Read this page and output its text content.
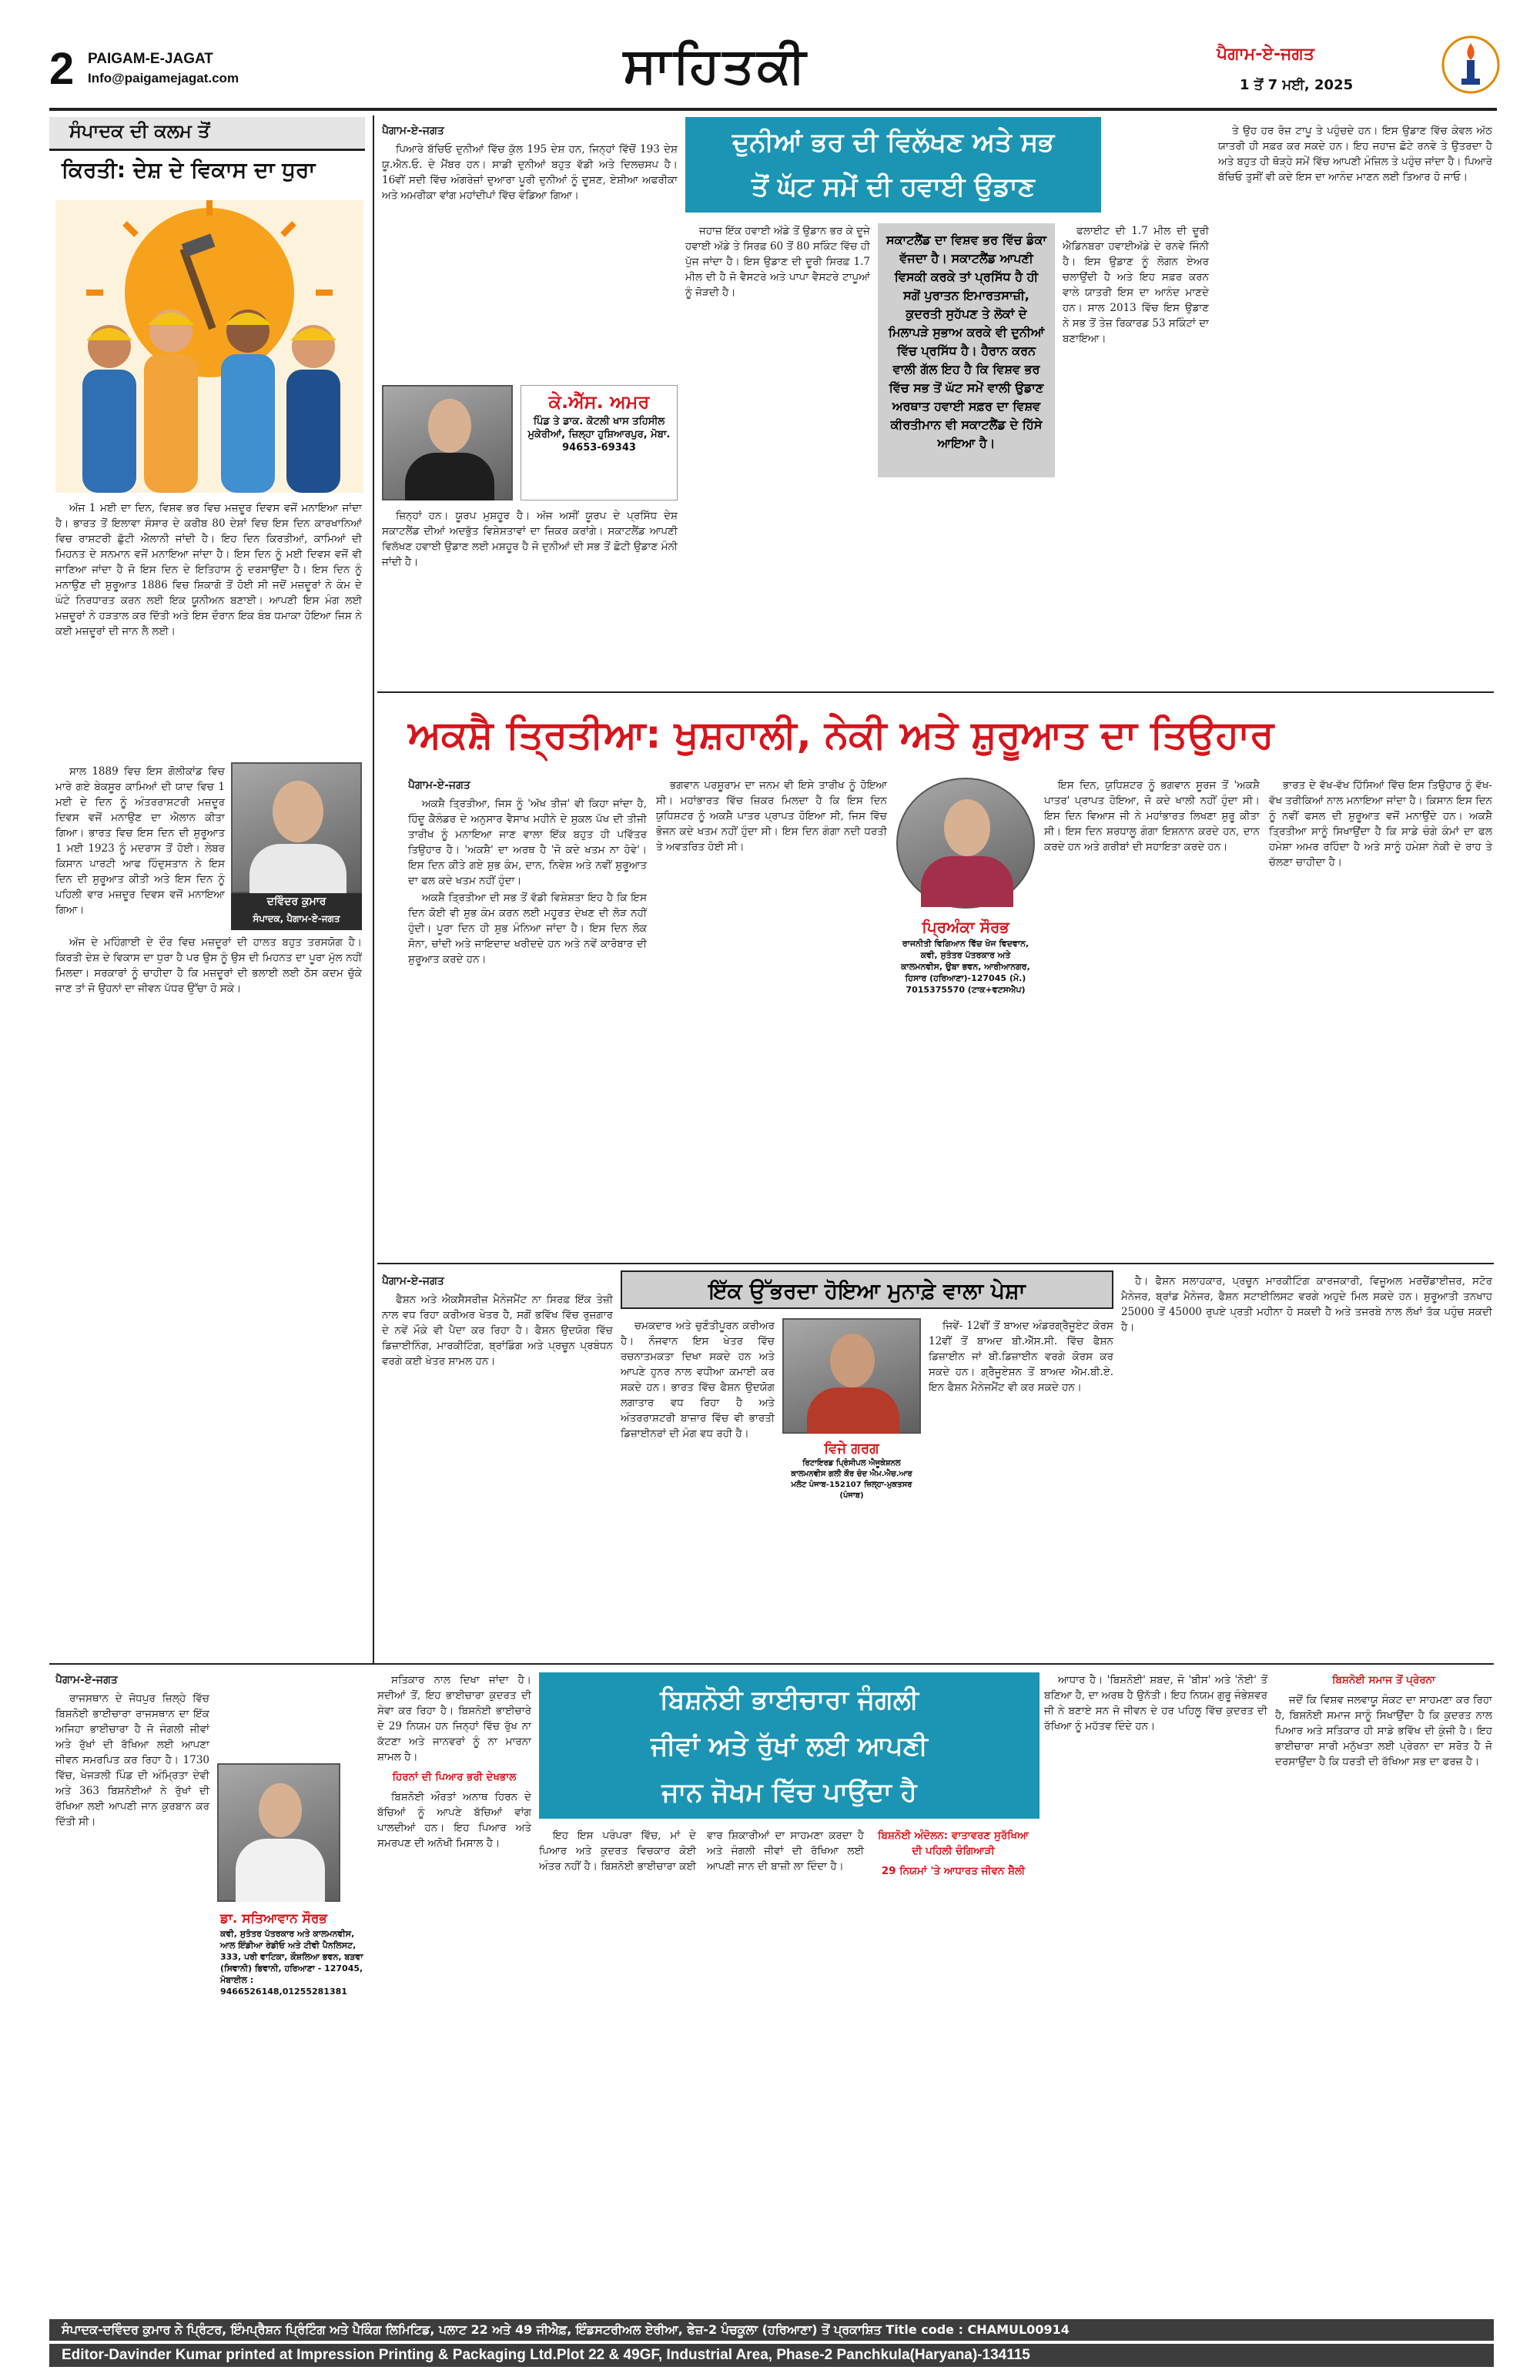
2 PAIGAM-E-JAGAT
Info@paigamejagat.com	ਸਾਹਿਤਕੀ	ਪੈਗਾਮ-ਏ-ਜਗਤ
1 ਤੋਂ 7 ਮਈ, 2025
ਸੰਪਾਦਕ ਦੀ ਕਲਮ ਤੋਂ
ਕਿਰਤੀ: ਦੇਸ਼ ਦੇ ਵਿਕਾਸ ਦਾ ਧੁਰਾ

ਅੱਜ 1 ਮਈ ਦਾ ਦਿਨ, ਵਿਸ਼ਵ ਭਰ ਵਿਚ ਮਜ਼ਦੂਰ ਦਿਵਸ ਵਜੋਂ ਮਨਾਇਆ ਜਾਂਦਾ ਹੈ। ਭਾਰਤ ਤੋਂ ਇਲਾਵਾ ਸੰਸਾਰ ਦੇ ਕਰੀਬ 80 ਦੇਸ਼ਾਂ ਵਿਚ ਇਸ ਦਿਨ ਕਾਰਖਾਨਿਆਂ ਵਿਚ ਰਾਸ਼ਟਰੀ ਛੁੱਟੀ ਐਲਾਨੀ ਜਾਂਦੀ ਹੈ। ਇਹ ਦਿਨ ਕਿਰਤੀਆਂ, ਕਾਮਿਆਂ ਦੀ ਮਿਹਨਤ ਦੇ ਸਨਮਾਨ ਵਜੋਂ ਮਨਾਇਆ ਜਾਂਦਾ ਹੈ। ਇਸ ਦਿਨ ਨੂੰ ਮਈ ਦਿਵਸ ਵਜੋਂ ਵੀ ਜਾਣਿਆ ਜਾਂਦਾ ਹੈ ਜੋ ਇਸ ਦਿਨ ਦੇ ਇਤਿਹਾਸ ਨੂੰ ਦਰਸਾਉਂਦਾ ਹੈ। ਇਸ ਦਿਨ ਨੂੰ ਮਨਾਉਣ ਦੀ ਸ਼ੁਰੂਆਤ 1886 ਵਿਚ ਸ਼ਿਕਾਗੋ ਤੋਂ ਹੋਈ ਸੀ ਜਦੋਂ ਮਜ਼ਦੂਰਾਂ ਨੇ ਕੰਮ ਦੇ ਘੰਟੇ ਨਿਰਧਾਰਤ ਕਰਨ ਲਈ ਇਕ ਯੂਨੀਅਨ ਬਣਾਈ। ਆਪਣੀ ਇਸ ਮੰਗ ਲਈ ਮਜ਼ਦੂਰਾਂ ਨੇ ਹੜਤਾਲ ਕਰ ਦਿੱਤੀ ਅਤੇ ਇਸ ਦੌਰਾਨ ਇਕ ਬੰਬ ਧਮਾਕਾ ਹੋਇਆ ਜਿਸ ਨੇ ਕਈ ਮਜ਼ਦੂਰਾਂ ਦੀ ਜਾਨ ਲੈ ਲਈ।

ਦਵਿੰਦਰ ਕੁਮਾਰ
ਸੰਪਾਦਕ, ਪੈਗਾਮ-ਏ-ਜਗਤ

ਸਾਲ 1889 ਵਿਚ ਇਸ ਗੋਲੀਕਾਂਡ ਵਿਚ ਮਾਰੇ ਗਏ ਬੇਕਸੂਰ ਕਾਮਿਆਂ ਦੀ ਯਾਦ ਵਿਚ 1 ਮਈ ਦੇ ਦਿਨ ਨੂੰ ਅੰਤਰਰਾਸ਼ਟਰੀ ਮਜ਼ਦੂਰ ਦਿਵਸ ਵਜੋਂ ਮਨਾਉਣ ਦਾ ਐਲਾਨ ਕੀਤਾ ਗਿਆ। ਭਾਰਤ ਵਿਚ ਇਸ ਦਿਨ ਦੀ ਸ਼ੁਰੂਆਤ 1 ਮਈ 1923 ਨੂੰ ਮਦਰਾਸ ਤੋਂ ਹੋਈ। ਲੇਬਰ ਕਿਸਾਨ ਪਾਰਟੀ ਆਫ ਹਿੰਦੁਸਤਾਨ ਨੇ ਇਸ ਦਿਨ ਦੀ ਸ਼ੁਰੂਆਤ ਕੀਤੀ ਅਤੇ ਇਸ ਦਿਨ ਨੂੰ ਪਹਿਲੀ ਵਾਰ ਮਜ਼ਦੂਰ ਦਿਵਸ ਵਜੋਂ ਮਨਾਇਆ ਗਿਆ।

ਅੱਜ ਦੇ ਮਹਿੰਗਾਈ ਦੇ ਦੌਰ ਵਿਚ ਮਜ਼ਦੂਰਾਂ ਦੀ ਹਾਲਤ ਬਹੁਤ ਤਰਸਯੋਗ ਹੈ। ਕਿਰਤੀ ਦੇਸ਼ ਦੇ ਵਿਕਾਸ ਦਾ ਧੁਰਾ ਹੈ ਪਰ ਉਸ ਨੂੰ ਉਸ ਦੀ ਮਿਹਨਤ ਦਾ ਪੂਰਾ ਮੁੱਲ ਨਹੀਂ ਮਿਲਦਾ। ਸਰਕਾਰਾਂ ਨੂੰ ਚਾਹੀਦਾ ਹੈ ਕਿ ਮਜ਼ਦੂਰਾਂ ਦੀ ਭਲਾਈ ਲਈ ਠੋਸ ਕਦਮ ਚੁੱਕੇ ਜਾਣ ਤਾਂ ਜੋ ਉਹਨਾਂ ਦਾ ਜੀਵਨ ਪੱਧਰ ਉੱਚਾ ਹੋ ਸਕੇ।

ਪੈਗਾਮ-ਏ-ਜਗਤ

ਪਿਆਰੇ ਬੱਚਿਓ ਦੁਨੀਆਂ ਵਿੱਚ ਕੁੱਲ 195 ਦੇਸ਼ ਹਨ, ਜਿਨ੍ਹਾਂ ਵਿੱਚੋਂ 193 ਦੇਸ਼ ਯੂ.ਐਨ.ਓ. ਦੇ ਮੈਂਬਰ ਹਨ। ਸਾਡੀ ਦੁਨੀਆਂ ਬਹੁਤ ਵੱਡੀ ਅਤੇ ਦਿਲਚਸਪ ਹੈ। 16ਵੀਂ ਸਦੀ ਵਿੱਚ ਅੰਗਰੇਜ਼ਾਂ ਦੁਆਰਾ ਪੂਰੀ ਦੁਨੀਆਂ ਨੂੰ ਦੂਸ਼ਣ, ਏਸ਼ੀਆ ਅਫਰੀਕਾ ਅਤੇ ਅਮਰੀਕਾ ਵਾਂਗ ਮਹਾਂਦੀਪਾਂ ਵਿੱਚ ਵੰਡਿਆ ਗਿਆ।

ਕੇ.ਐੱਸ. ਅਮਰ
ਪਿੰਡ ਤੇ ਡਾਕ. ਕੋਟਲੀ ਖਾਸ ਤਹਿਸੀਲ ਮੁਕੇਰੀਆਂ, ਜ਼ਿਲ੍ਹਾ ਹੁਸ਼ਿਆਰਪੁਰ, ਮੋਬਾ. 94653-69343

ਜ਼ਿਨ੍ਹਾਂ ਹਨ। ਯੂਰਪ ਮੁਸ਼ਹੂਰ ਹੈ। ਅੱਜ ਅਸੀਂ ਯੂਰਪ ਦੇ ਪ੍ਰਸਿੱਧ ਦੇਸ਼ ਸਕਾਟਲੈਂਡ ਦੀਆਂ ਅਦਭੁੱਤ ਵਿਸ਼ੇਸ਼ਤਾਵਾਂ ਦਾ ਜ਼ਿਕਰ ਕਰਾਂਗੇ। ਸਕਾਟਲੈਂਡ ਆਪਣੀ ਵਿਲੱਖਣ ਹਵਾਈ ਉਡਾਣ ਲਈ ਮਸ਼ਹੂਰ ਹੈ ਜੋ ਦੁਨੀਆਂ ਦੀ ਸਭ ਤੋਂ ਛੋਟੀ ਉਡਾਣ ਮੰਨੀ ਜਾਂਦੀ ਹੈ।

ਦੁਨੀਆਂ ਭਰ ਦੀ ਵਿਲੱਖਣ ਅਤੇ ਸਭ
ਤੋਂ ਘੱਟ ਸਮੇਂ ਦੀ ਹਵਾਈ ਉਡਾਣ

ਜਹਾਜ਼ ਇੱਕ ਹਵਾਈ ਅੱਡੇ ਤੋਂ ਉਡਾਨ ਭਰ ਕੇ ਦੂਜੇ ਹਵਾਈ ਅੱਡੇ ਤੇ ਸਿਰਫ਼ 60 ਤੋਂ 80 ਸਕਿੰਟ ਵਿੱਚ ਹੀ ਪੁੱਜ ਜਾਂਦਾ ਹੈ। ਇਸ ਉਡਾਣ ਦੀ ਦੂਰੀ ਸਿਰਫ਼ 1.7 ਮੀਲ ਦੀ ਹੈ ਜੋ ਵੈਸਟਰੇ ਅਤੇ ਪਾਪਾ ਵੈਸਟਰੇ ਟਾਪੂਆਂ ਨੂੰ ਜੋੜਦੀ ਹੈ।

ਸਕਾਟਲੈਂਡ ਦਾ ਵਿਸ਼ਵ ਭਰ ਵਿੱਚ ਡੰਕਾ ਵੱਜਦਾ ਹੈ। ਸਕਾਟਲੈਂਡ ਆਪਣੀ ਵਿਸਕੀ ਕਰਕੇ ਤਾਂ ਪ੍ਰਸਿੱਧ ਹੈ ਹੀ ਸਗੋਂ ਪੁਰਾਤਨ ਇਮਾਰਤਸਾਜ਼ੀ, ਕੁਦਰਤੀ ਸੁਹੱਪਣ ਤੇ ਲੋਕਾਂ ਦੇ ਮਿਲਾਪੜੇ ਸੁਭਾਅ ਕਰਕੇ ਵੀ ਦੁਨੀਆਂ ਵਿੱਚ ਪ੍ਰਸਿੱਧ ਹੈ। ਹੈਰਾਨ ਕਰਨ ਵਾਲੀ ਗੱਲ ਇਹ ਹੈ ਕਿ ਵਿਸ਼ਵ ਭਰ ਵਿੱਚ ਸਭ ਤੋਂ ਘੱਟ ਸਮੇਂ ਵਾਲੀ ਉਡਾਣ ਅਰਥਾਤ ਹਵਾਈ ਸਫ਼ਰ ਦਾ ਵਿਸ਼ਵ ਕੀਰਤੀਮਾਨ ਵੀ ਸਕਾਟਲੈਂਡ ਦੇ ਹਿੱਸੇ ਆਇਆ ਹੈ।

ਫਲਾਈਟ ਦੀ 1.7 ਮੀਲ ਦੀ ਦੂਰੀ ਐਡਿਨਬਰਾ ਹਵਾਈਅੱਡੇ ਦੇ ਰਨਵੇ ਜਿੰਨੀ ਹੈ। ਇਸ ਉਡਾਣ ਨੂੰ ਲੋਗਨ ਏਅਰ ਚਲਾਉਂਦੀ ਹੈ ਅਤੇ ਇਹ ਸਫ਼ਰ ਕਰਨ ਵਾਲੇ ਯਾਤਰੀ ਇਸ ਦਾ ਆਨੰਦ ਮਾਣਦੇ ਹਨ। ਸਾਲ 2013 ਵਿੱਚ ਇਸ ਉਡਾਣ ਨੇ ਸਭ ਤੋਂ ਤੇਜ਼ ਰਿਕਾਰਡ 53 ਸਕਿੰਟਾਂ ਦਾ ਬਣਾਇਆ।

ਤੇ ਉਹ ਹਰ ਰੋਜ਼ ਟਾਪੂ ਤੇ ਪਹੁੰਚਦੇ ਹਨ। ਇਸ ਉਡਾਣ ਵਿੱਚ ਕੇਵਲ ਅੱਠ ਯਾਤਰੀ ਹੀ ਸਫ਼ਰ ਕਰ ਸਕਦੇ ਹਨ। ਇਹ ਜਹਾਜ਼ ਛੋਟੇ ਰਨਵੇ ਤੇ ਉਤਰਦਾ ਹੈ ਅਤੇ ਬਹੁਤ ਹੀ ਥੋੜ੍ਹੇ ਸਮੇਂ ਵਿੱਚ ਆਪਣੀ ਮੰਜ਼ਿਲ ਤੇ ਪਹੁੰਚ ਜਾਂਦਾ ਹੈ। ਪਿਆਰੇ ਬੱਚਿਓ ਤੁਸੀਂ ਵੀ ਕਦੇ ਇਸ ਦਾ ਆਨੰਦ ਮਾਣਨ ਲਈ ਤਿਆਰ ਹੋ ਜਾਓ।

ਅਕਸ਼ੈ ਤ੍ਰਿਤੀਆ: ਖੁਸ਼ਹਾਲੀ, ਨੇਕੀ ਅਤੇ ਸ਼ੁਰੂਆਤ ਦਾ ਤਿਉਹਾਰ
ਪੈਗਾਮ-ਏ-ਜਗਤ

ਅਕਸ਼ੈ ਤ੍ਰਿਤੀਆ, ਜਿਸ ਨੂੰ 'ਅੱਖ ਤੀਜ' ਵੀ ਕਿਹਾ ਜਾਂਦਾ ਹੈ, ਹਿੰਦੂ ਕੈਲੰਡਰ ਦੇ ਅਨੁਸਾਰ ਵੈਸਾਖ ਮਹੀਨੇ ਦੇ ਸ਼ੁਕਲ ਪੱਖ ਦੀ ਤੀਜੀ ਤਾਰੀਖ ਨੂੰ ਮਨਾਇਆ ਜਾਣ ਵਾਲਾ ਇੱਕ ਬਹੁਤ ਹੀ ਪਵਿੱਤਰ ਤਿਉਹਾਰ ਹੈ। 'ਅਕਸ਼ੈ' ਦਾ ਅਰਥ ਹੈ 'ਜੋ ਕਦੇ ਖਤਮ ਨਾ ਹੋਵੇ'। ਇਸ ਦਿਨ ਕੀਤੇ ਗਏ ਸ਼ੁਭ ਕੰਮ, ਦਾਨ, ਨਿਵੇਸ਼ ਅਤੇ ਨਵੀਂ ਸ਼ੁਰੂਆਤ ਦਾ ਫਲ ਕਦੇ ਖਤਮ ਨਹੀਂ ਹੁੰਦਾ।

ਅਕਸ਼ੈ ਤ੍ਰਿਤੀਆ ਦੀ ਸਭ ਤੋਂ ਵੱਡੀ ਵਿਸ਼ੇਸ਼ਤਾ ਇਹ ਹੈ ਕਿ ਇਸ ਦਿਨ ਕੋਈ ਵੀ ਸ਼ੁਭ ਕੰਮ ਕਰਨ ਲਈ ਮਹੂਰਤ ਦੇਖਣ ਦੀ ਲੋੜ ਨਹੀਂ ਹੁੰਦੀ। ਪੂਰਾ ਦਿਨ ਹੀ ਸ਼ੁਭ ਮੰਨਿਆ ਜਾਂਦਾ ਹੈ। ਇਸ ਦਿਨ ਲੋਕ ਸੋਨਾ, ਚਾਂਦੀ ਅਤੇ ਜਾਇਦਾਦ ਖਰੀਦਦੇ ਹਨ ਅਤੇ ਨਵੇਂ ਕਾਰੋਬਾਰ ਦੀ ਸ਼ੁਰੂਆਤ ਕਰਦੇ ਹਨ।

ਭਗਵਾਨ ਪਰਸ਼ੂਰਾਮ ਦਾ ਜਨਮ ਵੀ ਇਸੇ ਤਾਰੀਖ ਨੂੰ ਹੋਇਆ ਸੀ। ਮਹਾਂਭਾਰਤ ਵਿੱਚ ਜ਼ਿਕਰ ਮਿਲਦਾ ਹੈ ਕਿ ਇਸ ਦਿਨ ਯੁਧਿਸ਼ਟਰ ਨੂੰ ਅਕਸ਼ੈ ਪਾਤਰ ਪ੍ਰਾਪਤ ਹੋਇਆ ਸੀ, ਜਿਸ ਵਿੱਚ ਭੋਜਨ ਕਦੇ ਖਤਮ ਨਹੀਂ ਹੁੰਦਾ ਸੀ। ਇਸ ਦਿਨ ਗੰਗਾ ਨਦੀ ਧਰਤੀ ਤੇ ਅਵਤਰਿਤ ਹੋਈ ਸੀ।

ਪ੍ਰਿਅੰਕਾ ਸੌਰਭ
ਰਾਜਨੀਤੀ ਵਿਗਿਆਨ ਵਿੱਚ ਖੋਜ ਵਿਦਵਾਨ, ਕਵੀ, ਸੁਤੰਤਰ ਪੱਤਰਕਾਰ ਅਤੇ ਕਾਲਮਨਵੀਸ, ਉਬਾ ਭਵਨ, ਆਰੀਆਨਗਰ, ਹਿਸਾਰ (ਹਰਿਆਣਾ)-127045 (ਮੋ.) 7015375570 (ਟਾਕ+ਵਟਸਐਪ)

ਇਸ ਦਿਨ, ਯੁਧਿਸ਼ਟਰ ਨੂੰ ਭਗਵਾਨ ਸੂਰਜ ਤੋਂ 'ਅਕਸ਼ੈ ਪਾਤਰ' ਪ੍ਰਾਪਤ ਹੋਇਆ, ਜੋ ਕਦੇ ਖਾਲੀ ਨਹੀਂ ਹੁੰਦਾ ਸੀ। ਇਸ ਦਿਨ ਵਿਆਸ ਜੀ ਨੇ ਮਹਾਂਭਾਰਤ ਲਿਖਣਾ ਸ਼ੁਰੂ ਕੀਤਾ ਸੀ। ਇਸ ਦਿਨ ਸ਼ਰਧਾਲੂ ਗੰਗਾ ਇਸ਼ਨਾਨ ਕਰਦੇ ਹਨ, ਦਾਨ ਕਰਦੇ ਹਨ ਅਤੇ ਗਰੀਬਾਂ ਦੀ ਸਹਾਇਤਾ ਕਰਦੇ ਹਨ।

ਭਾਰਤ ਦੇ ਵੱਖ-ਵੱਖ ਹਿੱਸਿਆਂ ਵਿੱਚ ਇਸ ਤਿਉਹਾਰ ਨੂੰ ਵੱਖ-ਵੱਖ ਤਰੀਕਿਆਂ ਨਾਲ ਮਨਾਇਆ ਜਾਂਦਾ ਹੈ। ਕਿਸਾਨ ਇਸ ਦਿਨ ਨੂੰ ਨਵੀਂ ਫਸਲ ਦੀ ਸ਼ੁਰੂਆਤ ਵਜੋਂ ਮਨਾਉਂਦੇ ਹਨ। ਅਕਸ਼ੈ ਤ੍ਰਿਤੀਆ ਸਾਨੂੰ ਸਿਖਾਉਂਦਾ ਹੈ ਕਿ ਸਾਡੇ ਚੰਗੇ ਕੰਮਾਂ ਦਾ ਫਲ ਹਮੇਸ਼ਾ ਅਮਰ ਰਹਿੰਦਾ ਹੈ ਅਤੇ ਸਾਨੂੰ ਹਮੇਸ਼ਾ ਨੇਕੀ ਦੇ ਰਾਹ ਤੇ ਚੱਲਣਾ ਚਾਹੀਦਾ ਹੈ।

ਪੈਗਾਮ-ਏ-ਜਗਤ

ਫੈਸ਼ਨ ਅਤੇ ਐਕਸੈਸਰੀਜ਼ ਮੈਨੇਜਮੈਂਟ ਨਾ ਸਿਰਫ਼ ਇੱਕ ਤੇਜ਼ੀ ਨਾਲ ਵਧ ਰਿਹਾ ਕਰੀਅਰ ਖੇਤਰ ਹੈ, ਸਗੋਂ ਭਵਿੱਖ ਵਿੱਚ ਰੁਜ਼ਗਾਰ ਦੇ ਨਵੇਂ ਮੌਕੇ ਵੀ ਪੈਦਾ ਕਰ ਰਿਹਾ ਹੈ। ਫੈਸ਼ਨ ਉਦਯੋਗ ਵਿੱਚ ਡਿਜ਼ਾਈਨਿੰਗ, ਮਾਰਕੀਟਿੰਗ, ਬ੍ਰਾਂਡਿੰਗ ਅਤੇ ਪ੍ਰਚੂਨ ਪ੍ਰਬੰਧਨ ਵਰਗੇ ਕਈ ਖੇਤਰ ਸ਼ਾਮਲ ਹਨ।

ਇੱਕ ਉੱਭਰਦਾ ਹੋਇਆ ਮੁਨਾਫ਼ੇ ਵਾਲਾ ਪੇਸ਼ਾ

ਚਮਕਦਾਰ ਅਤੇ ਚੁਣੌਤੀਪੂਰਨ ਕਰੀਅਰ ਹੈ। ਨੌਜਵਾਨ ਇਸ ਖੇਤਰ ਵਿੱਚ ਰਚਨਾਤਮਕਤਾ ਦਿਖਾ ਸਕਦੇ ਹਨ ਅਤੇ ਆਪਣੇ ਹੁਨਰ ਨਾਲ ਵਧੀਆ ਕਮਾਈ ਕਰ ਸਕਦੇ ਹਨ। ਭਾਰਤ ਵਿੱਚ ਫੈਸ਼ਨ ਉਦਯੋਗ ਲਗਾਤਾਰ ਵਧ ਰਿਹਾ ਹੈ ਅਤੇ ਅੰਤਰਰਾਸ਼ਟਰੀ ਬਾਜ਼ਾਰ ਵਿੱਚ ਵੀ ਭਾਰਤੀ ਡਿਜ਼ਾਈਨਰਾਂ ਦੀ ਮੰਗ ਵਧ ਰਹੀ ਹੈ।

ਵਿਜੇ ਗਰਗ
ਰਿਟਾਇਰਡ ਪ੍ਰਿੰਸੀਪਲ ਐਜੂਕੇਸ਼ਨਲ ਕਾਲਮਨਵੀਸ ਗਲੀ ਕੌਰ ਚੰਦ ਐਮ.ਐਚ.ਆਰ ਮਲੋਟ ਪੰਜਾਬ-152107 ਜ਼ਿਲ੍ਹਾ-ਮੁਕਤਸਰ (ਪੰਜਾਬ)

ਜਿਵੇਂ- 12ਵੀਂ ਤੋਂ ਬਾਅਦ ਅੰਡਰਗ੍ਰੈਜੂਏਟ ਕੋਰਸ 12ਵੀਂ ਤੋਂ ਬਾਅਦ ਬੀ.ਐੱਸ.ਸੀ. ਵਿੱਚ ਫੈਸ਼ਨ ਡਿਜ਼ਾਈਨ ਜਾਂ ਬੀ.ਡਿਜ਼ਾਈਨ ਵਰਗੇ ਕੋਰਸ ਕਰ ਸਕਦੇ ਹਨ। ਗ੍ਰੈਜੂਏਸ਼ਨ ਤੋਂ ਬਾਅਦ ਐਮ.ਬੀ.ਏ. ਇਨ ਫੈਸ਼ਨ ਮੈਨੇਜਮੈਂਟ ਵੀ ਕਰ ਸਕਦੇ ਹਨ।

ਹੈ। ਫੈਸ਼ਨ ਸਲਾਹਕਾਰ, ਪ੍ਰਚੂਨ ਮਾਰਕੀਟਿੰਗ ਕਾਰਜਕਾਰੀ, ਵਿਜ਼ੂਅਲ ਮਰਚੈਂਡਾਈਜ਼ਰ, ਸਟੋਰ ਮੈਨੇਜਰ, ਬ੍ਰਾਂਡ ਮੈਨੇਜਰ, ਫੈਸ਼ਨ ਸਟਾਈਲਿਸਟ ਵਰਗੇ ਅਹੁਦੇ ਮਿਲ ਸਕਦੇ ਹਨ। ਸ਼ੁਰੂਆਤੀ ਤਨਖਾਹ 25000 ਤੋਂ 45000 ਰੁਪਏ ਪ੍ਰਤੀ ਮਹੀਨਾ ਹੋ ਸਕਦੀ ਹੈ ਅਤੇ ਤਜਰਬੇ ਨਾਲ ਲੱਖਾਂ ਤੱਕ ਪਹੁੰਚ ਸਕਦੀ ਹੈ।

ਪੈਗਾਮ-ਏ-ਜਗਤ

ਰਾਜਸਥਾਨ ਦੇ ਜੋਧਪੁਰ ਜ਼ਿਲ੍ਹੇ ਵਿੱਚ ਬਿਸ਼ਨੋਈ ਭਾਈਚਾਰਾ ਰਾਜਸਥਾਨ ਦਾ ਇੱਕ ਅਜਿਹਾ ਭਾਈਚਾਰਾ ਹੈ ਜੋ ਜੰਗਲੀ ਜੀਵਾਂ ਅਤੇ ਰੁੱਖਾਂ ਦੀ ਰੱਖਿਆ ਲਈ ਆਪਣਾ ਜੀਵਨ ਸਮਰਪਿਤ ਕਰ ਰਿਹਾ ਹੈ। 1730 ਵਿੱਚ, ਖੇਜੜਲੀ ਪਿੰਡ ਦੀ ਅੰਮ੍ਰਿਤਾ ਦੇਵੀ ਅਤੇ 363 ਬਿਸ਼ਨੋਈਆਂ ਨੇ ਰੁੱਖਾਂ ਦੀ ਰੱਖਿਆ ਲਈ ਆਪਣੀ ਜਾਨ ਕੁਰਬਾਨ ਕਰ ਦਿੱਤੀ ਸੀ।

ਡਾ. ਸਤਿਆਵਾਨ ਸੌਰਭ
ਕਵੀ, ਸੁਤੰਤਰ ਪੱਤਰਕਾਰ ਅਤੇ ਕਾਲਮਨਵੀਸ, ਆਲ ਇੰਡੀਆ ਰੇਡੀਓ ਅਤੇ ਟੀਵੀ ਪੈਨਲਿਸਟ, 333, ਪਰੀ ਵਾਟਿਕਾ, ਕੌਸ਼ਲਿਆ ਭਵਨ, ਬੜਵਾ (ਸਿਵਾਨੀ) ਭਿਵਾਨੀ, ਹਰਿਆਣਾ - 127045, ਮੋਬਾਈਲ : 9466526148,01255281381

ਸਤਿਕਾਰ ਨਾਲ ਦਿਖਾ ਜਾਂਦਾ ਹੈ। ਸਦੀਆਂ ਤੋਂ, ਇਹ ਭਾਈਚਾਰਾ ਕੁਦਰਤ ਦੀ ਸੇਵਾ ਕਰ ਰਿਹਾ ਹੈ। ਬਿਸ਼ਨੋਈ ਭਾਈਚਾਰੇ ਦੇ 29 ਨਿਯਮ ਹਨ ਜਿਨ੍ਹਾਂ ਵਿੱਚ ਰੁੱਖ ਨਾ ਕੱਟਣਾ ਅਤੇ ਜਾਨਵਰਾਂ ਨੂੰ ਨਾ ਮਾਰਨਾ ਸ਼ਾਮਲ ਹੈ।

ਹਿਰਨਾਂ ਦੀ ਪਿਆਰ ਭਰੀ ਦੇਖਭਾਲ

ਬਿਸ਼ਨੋਈ ਔਰਤਾਂ ਅਨਾਥ ਹਿਰਨ ਦੇ ਬੱਚਿਆਂ ਨੂੰ ਆਪਣੇ ਬੱਚਿਆਂ ਵਾਂਗ ਪਾਲਦੀਆਂ ਹਨ। ਇਹ ਪਿਆਰ ਅਤੇ ਸਮਰਪਣ ਦੀ ਅਨੋਖੀ ਮਿਸਾਲ ਹੈ।

ਬਿਸ਼ਨੋਈ ਭਾਈਚਾਰਾ ਜੰਗਲੀ
ਜੀਵਾਂ ਅਤੇ ਰੁੱਖਾਂ ਲਈ ਆਪਣੀ
ਜਾਨ ਜੋਖਮ ਵਿੱਚ ਪਾਉਂਦਾ ਹੈ

ਇਹ ਇਸ ਪਰੰਪਰਾ ਵਿੱਚ, ਮਾਂ ਦੇ ਪਿਆਰ ਅਤੇ ਕੁਦਰਤ ਵਿਚਕਾਰ ਕੋਈ ਅੰਤਰ ਨਹੀਂ ਹੈ। ਬਿਸ਼ਨੋਈ ਭਾਈਚਾਰਾ ਕਈ ਵਾਰ ਸ਼ਿਕਾਰੀਆਂ ਦਾ ਸਾਹਮਣਾ ਕਰਦਾ ਹੈ ਅਤੇ ਜੰਗਲੀ ਜੀਵਾਂ ਦੀ ਰੱਖਿਆ ਲਈ ਆਪਣੀ ਜਾਨ ਦੀ ਬਾਜ਼ੀ ਲਾ ਦਿੰਦਾ ਹੈ।

ਬਿਸ਼ਨੋਈ ਅੰਦੋਲਨ: ਵਾਤਾਵਰਣ ਸੁਰੱਖਿਆ ਦੀ ਪਹਿਲੀ ਚੰਗਿਆੜੀ
29 ਨਿਯਮਾਂ 'ਤੇ ਆਧਾਰਤ ਜੀਵਨ ਸ਼ੈਲੀ

ਆਧਾਰ ਹੈ। 'ਬਿਸ਼ਨੋਈ' ਸ਼ਬਦ, ਜੋ 'ਬੀਸ' ਅਤੇ 'ਨੋਈ' ਤੋਂ ਬਣਿਆ ਹੈ, ਦਾ ਅਰਥ ਹੈ ਉਨੱਤੀ। ਇਹ ਨਿਯਮ ਗੁਰੂ ਜੰਭੇਸ਼ਵਰ ਜੀ ਨੇ ਬਣਾਏ ਸਨ ਜੋ ਜੀਵਨ ਦੇ ਹਰ ਪਹਿਲੂ ਵਿੱਚ ਕੁਦਰਤ ਦੀ ਰੱਖਿਆ ਨੂੰ ਮਹੱਤਵ ਦਿੰਦੇ ਹਨ।

ਬਿਸ਼ਨੋਈ ਸਮਾਜ ਤੋਂ ਪ੍ਰੇਰਨਾ

ਜਦੋਂ ਕਿ ਵਿਸ਼ਵ ਜਲਵਾਯੂ ਸੰਕਟ ਦਾ ਸਾਹਮਣਾ ਕਰ ਰਿਹਾ ਹੈ, ਬਿਸ਼ਨੋਈ ਸਮਾਜ ਸਾਨੂੰ ਸਿਖਾਉਂਦਾ ਹੈ ਕਿ ਕੁਦਰਤ ਨਾਲ ਪਿਆਰ ਅਤੇ ਸਤਿਕਾਰ ਹੀ ਸਾਡੇ ਭਵਿੱਖ ਦੀ ਕੁੰਜੀ ਹੈ। ਇਹ ਭਾਈਚਾਰਾ ਸਾਰੀ ਮਨੁੱਖਤਾ ਲਈ ਪ੍ਰੇਰਨਾ ਦਾ ਸਰੋਤ ਹੈ ਜੋ ਦਰਸਾਉਂਦਾ ਹੈ ਕਿ ਧਰਤੀ ਦੀ ਰੱਖਿਆ ਸਭ ਦਾ ਫਰਜ਼ ਹੈ।

ਸੰਪਾਦਕ-ਦਵਿੰਦਰ ਕੁਮਾਰ ਨੇ ਪ੍ਰਿੰਟਰ, ਇੰਮਪ੍ਰੈਸ਼ਨ ਪ੍ਰਿੰਟਿੰਗ ਅਤੇ ਪੈਕਿੰਗ ਲਿਮਿਟਿਡ, ਪਲਾਟ 22 ਅਤੇ 49 ਜੀਐਫ਼, ਇੰਡਸਟਰੀਅਲ ਏਰੀਆ, ਫੇਜ਼-2 ਪੰਚਕੂਲਾ (ਹਰਿਆਣਾ) ਤੋਂ ਪ੍ਰਕਾਸ਼ਿਤ Title code : CHAMUL00914
Editor-Davinder Kumar printed at Impression Printing & Packaging Ltd.Plot 22 & 49GF, Industrial Area, Phase-2 Panchkula(Haryana)-134115
